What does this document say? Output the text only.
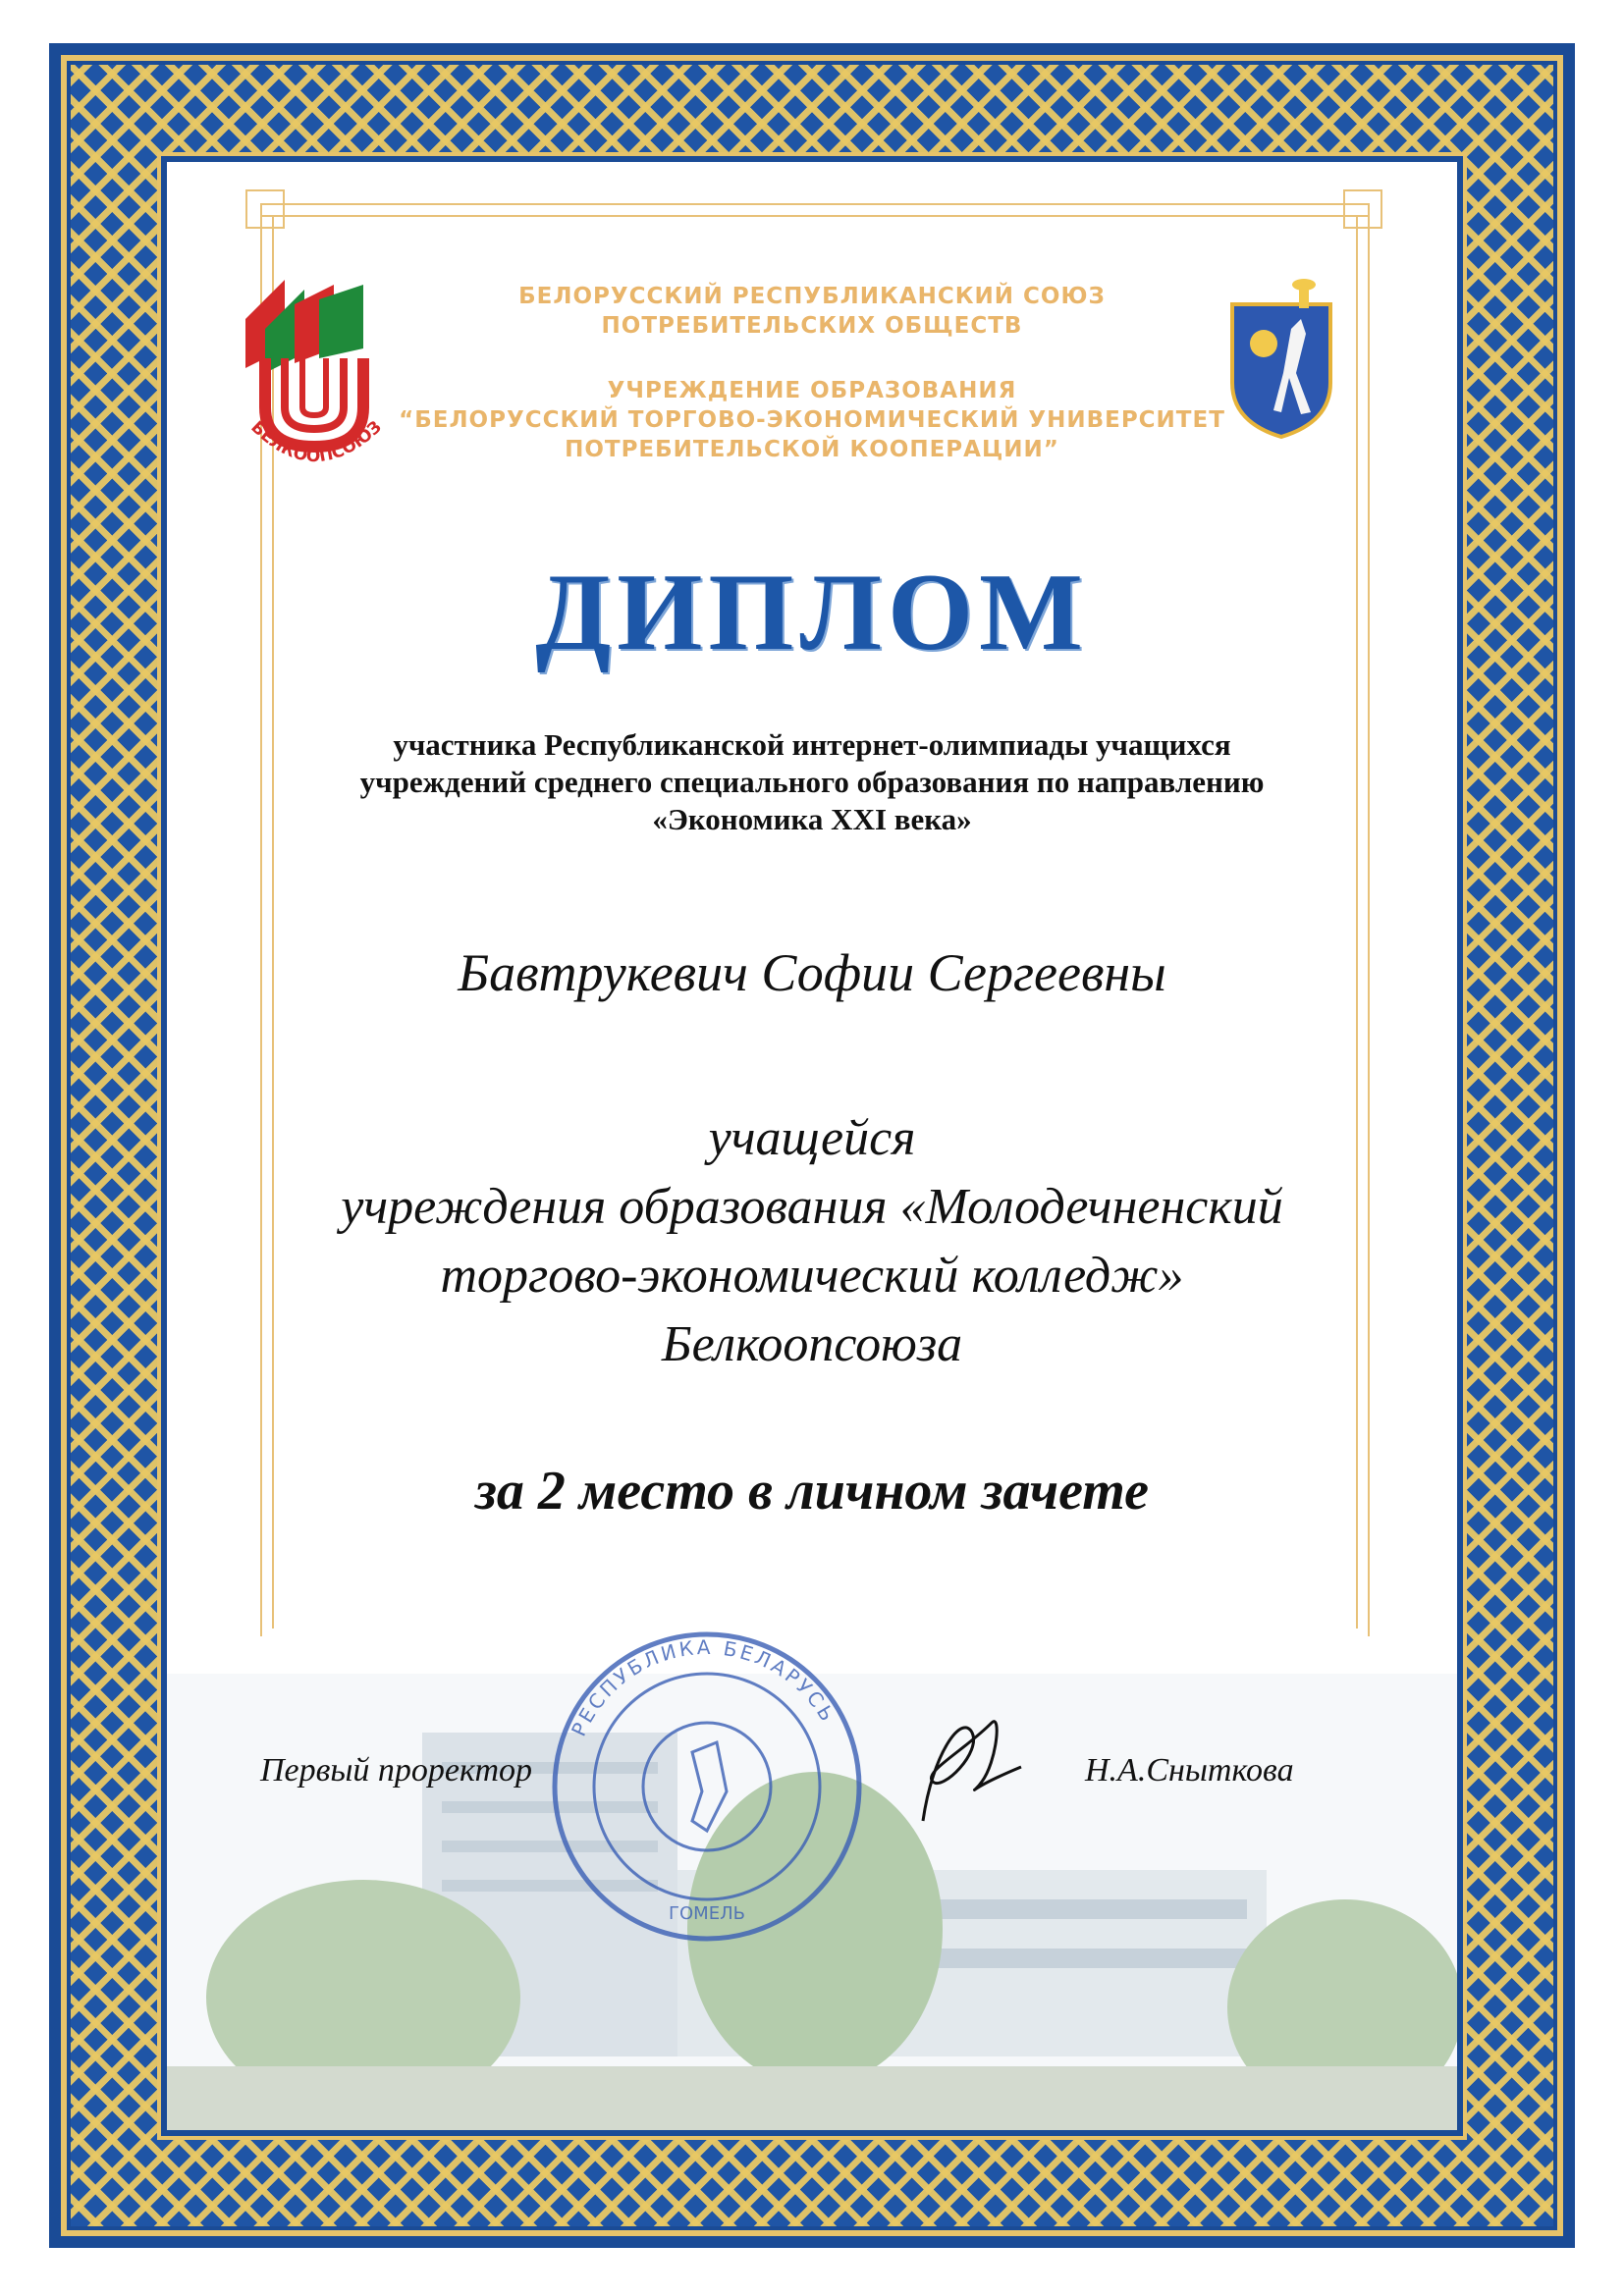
БЕЛКООПСОЮЗ
БЕЛОРУССКИЙ РЕСПУБЛИКАНСКИЙ СОЮЗ
ПОТРЕБИТЕЛЬСКИХ ОБЩЕСТВ
УЧРЕЖДЕНИЕ ОБРАЗОВАНИЯ
“БЕЛОРУССКИЙ ТОРГОВО-ЭКОНОМИЧЕСКИЙ УНИВЕРСИТЕТ
ПОТРЕБИТЕЛЬСКОЙ КООПЕРАЦИИ”
ДИПЛОМ
участника Республиканской интернет-олимпиады учащихся
учреждений среднего специального образования по направлению
«Экономика XXI века»
Бавтрукевич Софии Сергеевны
учащейся
учреждения образования «Молодечненский
торгово-экономический колледж»
Белкоопсоюза
за 2 место в личном зачете
РЕСПУБЛИКА БЕЛАРУСЬ
ГОМЕЛЬ
Первый проректор	Н.А.Сныткова
